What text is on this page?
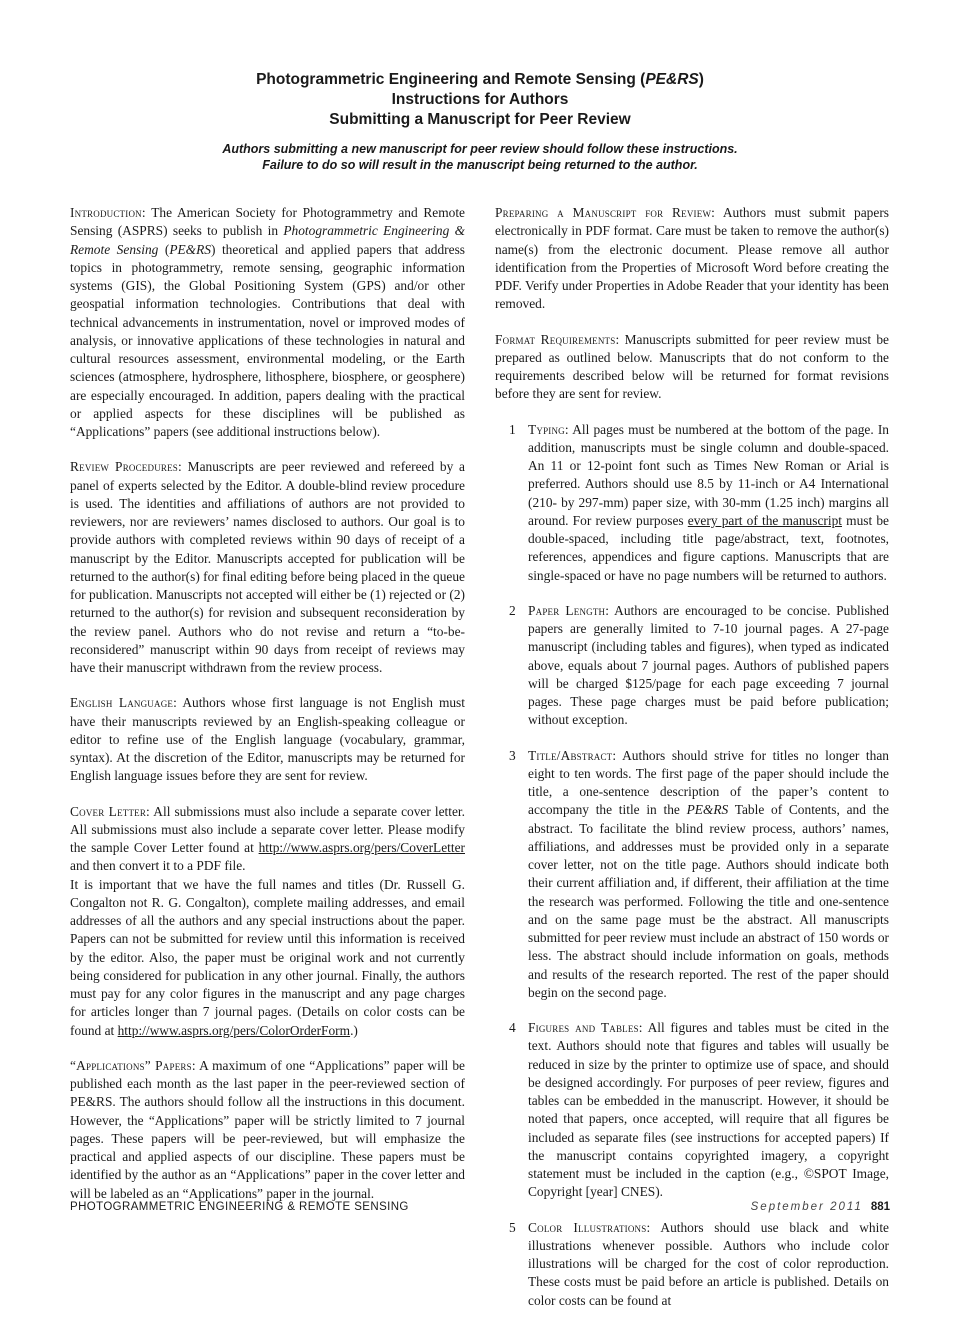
Photogrammetric Engineering and Remote Sensing (PE&RS)

Instructions for Authors

Submitting a Manuscript for Peer Review

Authors submitting a new manuscript for peer review should follow these instructions.
Failure to do so will result in the manuscript being returned to the author.

Introduction: The American Society for Photogrammetry and Remote Sensing (ASPRS) seeks to publish in Photogrammetric Engineering & Remote Sensing (PE&RS) theoretical and applied papers that address topics in photogrammetry, remote sensing, geographic information systems (GIS), the Global Positioning System (GPS) and/or other geospatial information technologies. Contributions that deal with technical advancements in instrumentation, novel or improved modes of analysis, or innovative applications of these technologies in natural and cultural resources assessment, environmental modeling, or the Earth sciences (atmosphere, hydrosphere, lithosphere, biosphere, or geosphere) are especially encouraged. In addition, papers dealing with the practical or applied aspects for these disciplines will be published as “Applications” papers (see additional instructions below).

Review Procedures: Manuscripts are peer reviewed and refereed by a panel of experts selected by the Editor. A double-blind review procedure is used. The identities and affiliations of authors are not provided to reviewers, nor are reviewers’ names disclosed to authors. Our goal is to provide authors with completed reviews within 90 days of receipt of a manuscript by the Editor. Manuscripts accepted for publication will be returned to the author(s) for final editing before being placed in the queue for publication. Manuscripts not accepted will either be (1) rejected or (2) returned to the author(s) for revision and subsequent reconsideration by the review panel. Authors who do not revise and return a “to-be-reconsidered” manuscript within 90 days from receipt of reviews may have their manuscript withdrawn from the review process.

English Language: Authors whose first language is not English must have their manuscripts reviewed by an English-speaking colleague or editor to refine use of the English language (vocabulary, grammar, syntax). At the discretion of the Editor, manuscripts may be returned for English language issues before they are sent for review.

Cover Letter: All submissions must also include a separate cover letter. All submissions must also include a separate cover letter. Please modify the sample Cover Letter found at http://www.asprs.org/pers/CoverLetter and then convert it to a PDF file.

It is important that we have the full names and titles (Dr. Russell G. Congalton not R. G. Congalton), complete mailing addresses, and email addresses of all the authors and any special instructions about the paper. Papers can not be submitted for review until this information is received by the editor. Also, the paper must be original work and not currently being considered for publication in any other journal. Finally, the authors must pay for any color figures in the manuscript and any page charges for articles longer than 7 journal pages. (Details on color costs can be found at http://www.asprs.org/pers/ColorOrderForm.)

“Applications” Papers: A maximum of one “Applications” paper will be published each month as the last paper in the peer-reviewed section of PE&RS. The authors should follow all the instructions in this document. However, the “Applications” paper will be strictly limited to 7 journal pages. These papers will be peer-reviewed, but will emphasize the practical and applied aspects of our discipline. These papers must be identified by the author as an “Applications” paper in the cover letter and will be labeled as an “Applications” paper in the journal.

Preparing a Manuscript for Review: Authors must submit papers electronically in PDF format. Care must be taken to remove the author(s) name(s) from the electronic document. Please remove all author identification from the Properties of Microsoft Word before creating the PDF. Verify under Properties in Adobe Reader that your identity has been removed.

Format Requirements: Manuscripts submitted for peer review must be prepared as outlined below. Manuscripts that do not conform to the requirements described below will be returned for format revisions before they are sent for review.

1 Typing: All pages must be numbered at the bottom of the page. In addition, manuscripts must be single column and double-spaced. An 11 or 12-point font such as Times New Roman or Arial is preferred. Authors should use 8.5 by 11-inch or A4 International (210- by 297-mm) paper size, with 30-mm (1.25 inch) margins all around. For review purposes every part of the manuscript must be double-spaced, including title page/abstract, text, footnotes, references, appendices and figure captions. Manuscripts that are single-spaced or have no page numbers will be returned to authors.
2 Paper Length: Authors are encouraged to be concise. Published papers are generally limited to 7-10 journal pages. A 27-page manuscript (including tables and figures), when typed as indicated above, equals about 7 journal pages. Authors of published papers will be charged $125/page for each page exceeding 7 journal pages. These page charges must be paid before publication; without exception.
3 Title/Abstract: Authors should strive for titles no longer than eight to ten words. The first page of the paper should include the title, a one-sentence description of the paper’s content to accompany the title in the PE&RS Table of Contents, and the abstract. To facilitate the blind review process, authors’ names, affiliations, and addresses must be provided only in a separate cover letter, not on the title page. Authors should indicate both their current affiliation and, if different, their affiliation at the time the research was performed. Following the title and one-sentence and on the same page must be the abstract. All manuscripts submitted for peer review must include an abstract of 150 words or less. The abstract should include information on goals, methods and results of the research reported. The rest of the paper should begin on the second page.
4 Figures and Tables: All figures and tables must be cited in the text. Authors should note that figures and tables will usually be reduced in size by the printer to optimize use of space, and should be designed accordingly. For purposes of peer review, figures and tables can be embedded in the manuscript. However, it should be noted that papers, once accepted, will require that all figures be included as separate files (see instructions for accepted papers) If the manuscript contains copyrighted imagery, a copyright statement must be included in the caption (e.g., ©SPOT Image, Copyright [year] CNES).
5 Color Illustrations: Authors should use black and white illustrations whenever possible. Authors who include color illustrations will be charged for the cost of color reproduction. These costs must be paid before an article is published. Details on color costs can be found at
PHOTOGRAMMETRIC ENGINEERING & REMOTE SENSING	September 2011 881
